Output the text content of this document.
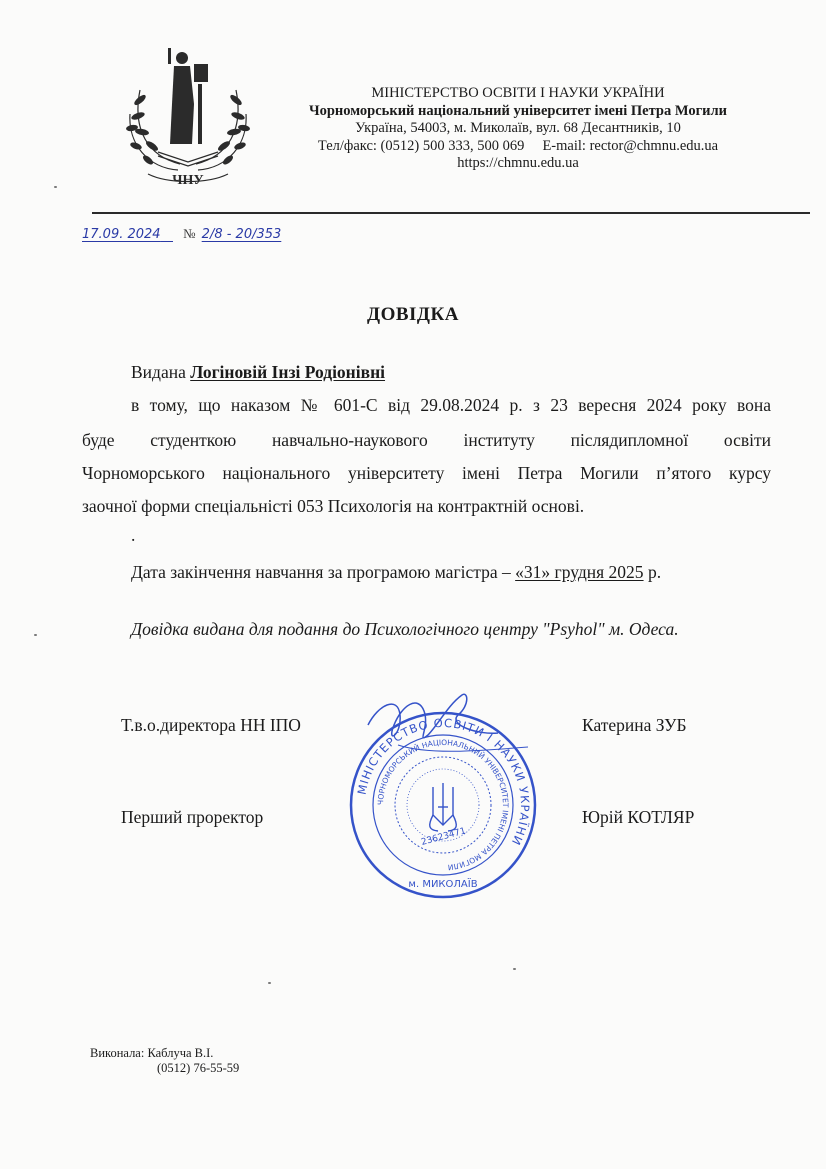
ЧНУ
МІНІСТЕРСТВО ОСВІТИ І НАУКИ УКРАЇНИ
Чорноморський національний університет імені Петра Могили
Україна, 54003, м. Миколаїв, вул. 68 Десантників, 10
Тел/факс: (0512) 500 333, 500 069 E-mail: rector@chmnu.edu.ua
https://chmnu.edu.ua
17.09. 2024 № 2/8 - 20/353
ДОВІДКА
Видана Логіновій Інзі Родіонівні
в тому, що наказом № 601-С від 29.08.2024 р. з 23 вересня 2024 року вона
буде студенткою навчально-наукового інституту післядипломної освіти
Чорноморського національного університету імені Петра Могили п’ятого курсу
заочної форми спеціальністі 053 Психологія на контрактній основі.
.
Дата закінчення навчання за програмою магістра – «31» грудня 2025 р.
Довідка видана для подання до Психологічного центру "Psyhol" м. Одеса.
Т.в.о.директора НН ІПО	Катерина ЗУБ
Перший проректор	Юрій КОТЛЯР
МІНІСТЕРСТВО ОСВІТИ І НАУКИ УКРАЇНИ
ЧОРНОМОРСЬКИЙ НАЦІОНАЛЬНИЙ УНІВЕРСИТЕТ ІМЕНІ ПЕТРА МОГИЛИ
23623471
м. МИКОЛАЇВ
Виконала: Каблуча В.І.
(0512) 76-55-59
